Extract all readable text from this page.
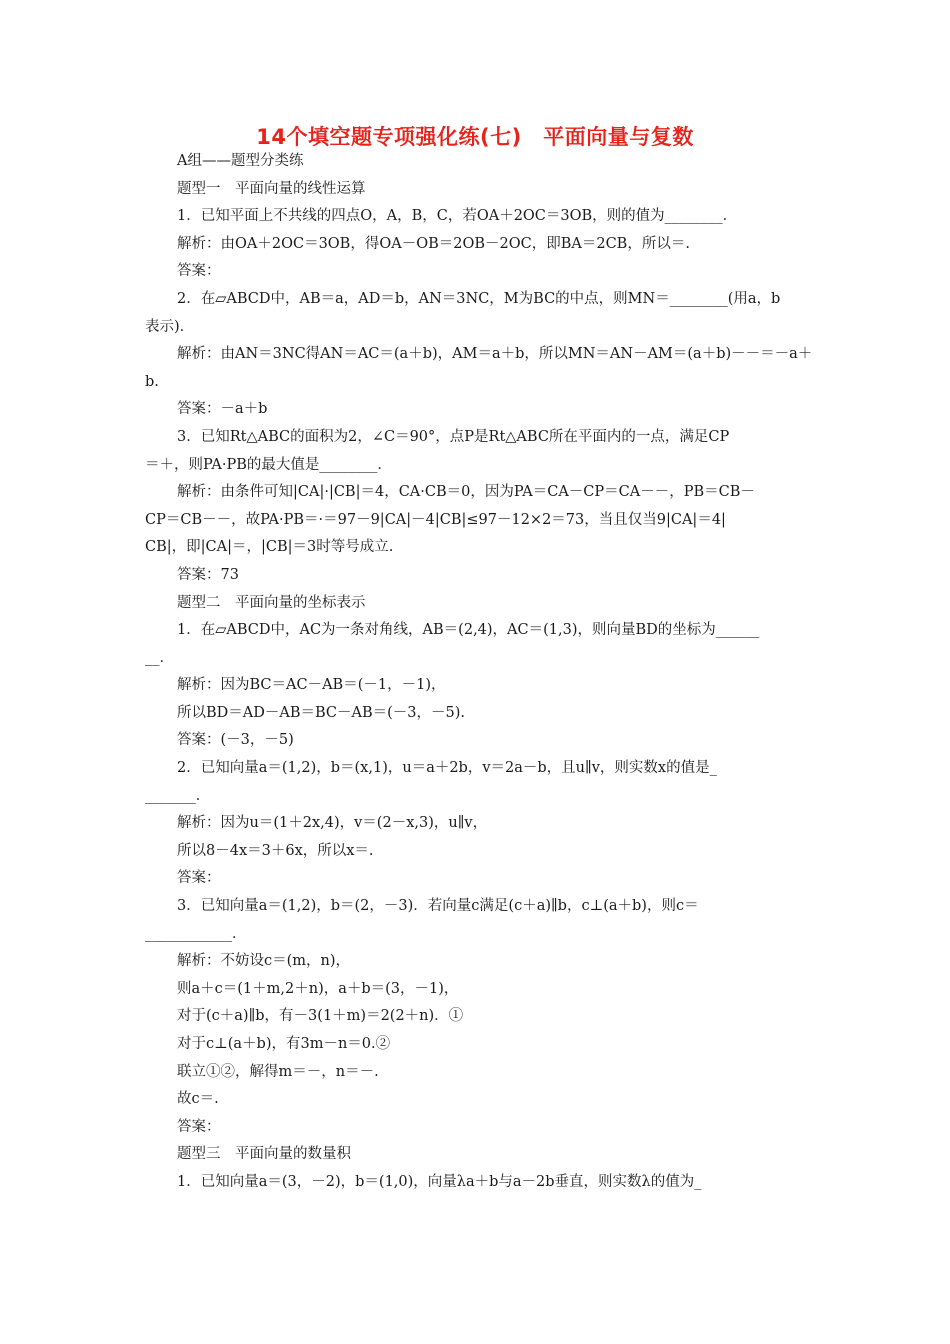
14个填空题专项强化练(七)　平面向量与复数
A组——题型分类练
题型一　平面向量的线性运算
1．已知平面上不共线的四点O，A，B，C，若OA＋2OC＝3OB，则的值为________．
解析：由OA＋2OC＝3OB，得OA－OB＝2OB－2OC，即BA＝2CB，所以＝.
答案：
2．在▱ABCD中，AB＝a，AD＝b，AN＝3NC，M为BC的中点，则MN＝________(用a，b
表示)．
解析：由AN＝3NC得AN＝AC＝(a＋b)，AM＝a＋b，所以MN＝AN－AM＝(a＋b)－－＝－a＋
b.
答案：－a＋b
3．已知Rt△ABC的面积为2，∠C＝90°，点P是Rt△ABC所在平面内的一点，满足CP
＝＋，则PA·PB的最大值是________．
解析：由条件可知|CA|·|CB|＝4，CA·CB＝0，因为PA＝CA－CP＝CA－－，PB＝CB－
CP＝CB－－，故PA·PB＝·＝97－9|CA|－4|CB|≤97－12×2＝73，当且仅当9|CA|＝4|
CB|，即|CA|＝，|CB|＝3时等号成立.
答案：73
题型二　平面向量的坐标表示
1．在▱ABCD中，AC为一条对角线，AB＝(2,4)，AC＝(1,3)，则向量BD的坐标为______
__．
解析：因为BC＝AC－AB＝(－1，－1)，
所以BD＝AD－AB＝BC－AB＝(－3，－5).
答案：(－3，－5)
2．已知向量a＝(1,2)，b＝(x,1)，u＝a＋2b，v＝2a－b，且u∥v，则实数x的值是_
_______．
解析：因为u＝(1＋2x,4)，v＝(2－x,3)，u∥v，
所以8－4x＝3＋6x，所以x＝.
答案：
3．已知向量a＝(1,2)，b＝(2，－3)．若向量c满足(c＋a)∥b，c⊥(a＋b)，则c＝
____________．
解析：不妨设c＝(m，n)，
则a＋c＝(1＋m,2＋n)，a＋b＝(3，－1)，
对于(c＋a)∥b，有－3(1＋m)＝2(2＋n)．①
对于c⊥(a＋b)，有3m－n＝0.②
联立①②，解得m＝－，n＝－.
故c＝.
答案：
题型三　平面向量的数量积
1．已知向量a＝(3，－2)，b＝(1,0)，向量λa＋b与a－2b垂直，则实数λ的值为_
